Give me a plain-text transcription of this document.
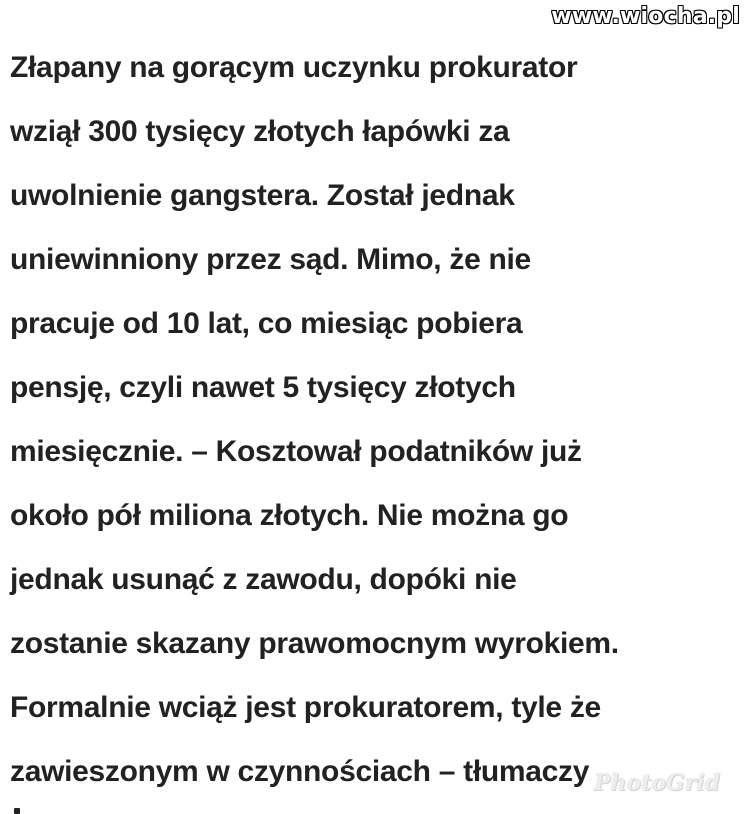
www.wiocha.pl
Złapany na gorącym uczynku prokurator
wziął 300 tysięcy złotych łapówki za
uwolnienie gangstera. Został jednak
uniewinniony przez sąd. Mimo, że nie
pracuje od 10 lat, co miesiąc pobiera
pensję, czyli nawet 5 tysięcy złotych
miesięcznie. – Kosztował podatników już
około pół miliona złotych. Nie można go
jednak usunąć z zawodu, dopóki nie
zostanie skazany prawomocnym wyrokiem.
Formalnie wciąż jest prokuratorem, tyle że
zawieszonym w czynnościach – tłumaczy PhotoGrid
